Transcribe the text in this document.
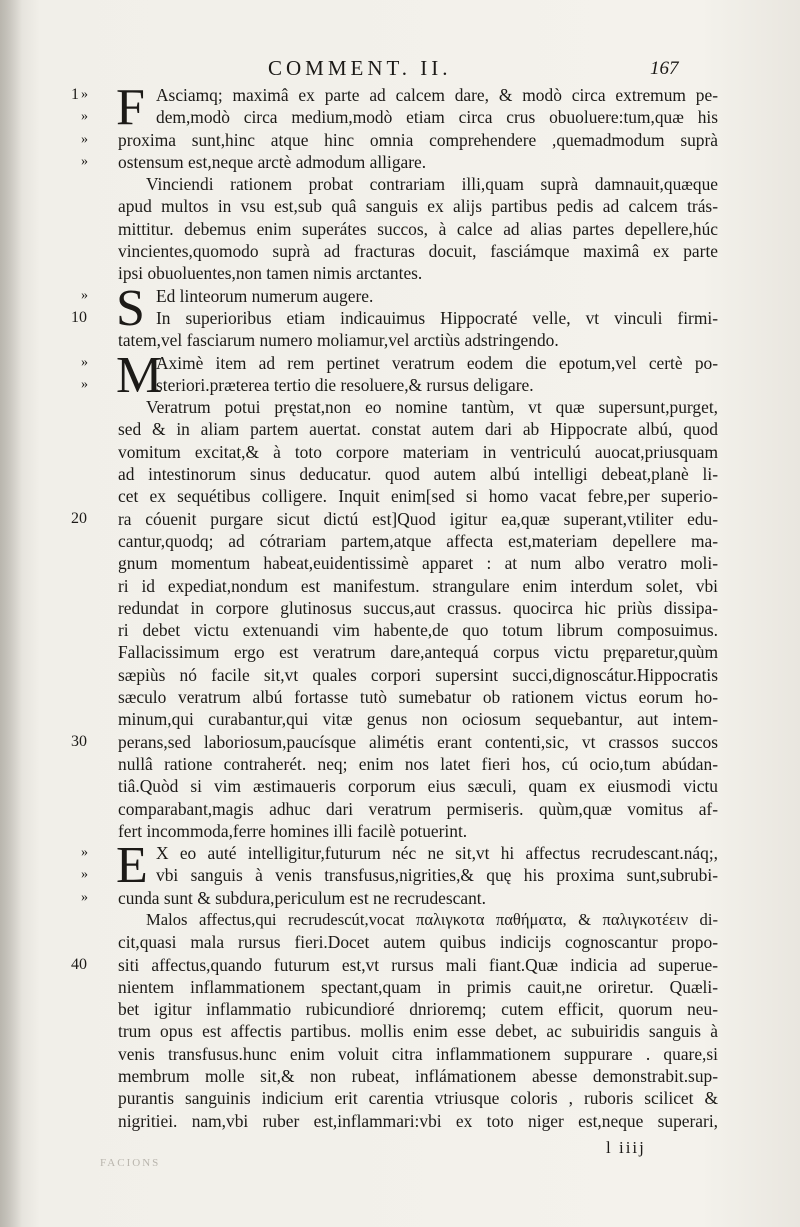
COMMENT. II.	167
1 » F Asciamq; maximâ ex parte ad calcem dare, & modò circa extremum pe-
»	dem,modò circa medium,modò etiam circa crus obuoluere:tum,quæ his
»	proxima sunt,hinc atque hinc omnia comprehendere ,quemadmodum suprà
»	ostensum est,neque arctè admodum alligare.
Vinciendi rationem probat contrariam illi,quam suprà damnauit,quæque
apud multos in vsu est,sub quâ sanguis ex alijs partibus pedis ad calcem trás-
mittitur. debemus enim superátes succos, à calce ad alias partes depellere,húc
vincientes,quomodo suprà ad fracturas docuit, fasciámque maximâ ex parte
ipsi obuoluentes,non tamen nimis arctantes.
» S Ed linteorum numerum augere.
10	In superioribus etiam indicauimus Hippocraté velle, vt vinculi firmi-
tatem,vel fasciarum numero moliamur,vel arctiùs adstringendo.
» M
Aximè item ad rem pertinet veratrum eodem die epotum,vel certè po-
»	steriori.præterea tertio die resoluere,& rursus deligare.
Veratrum potui pręstat,non eo nomine tantùm, vt quæ supersunt,purget,
sed & in aliam partem auertat. constat autem dari ab Hippocrate albú, quod
vomitum excitat,& à toto corpore materiam in ventriculú auocat,priusquam
ad intestinorum sinus deducatur. quod autem albú intelligi debeat,planè li-
cet ex sequétibus colligere. Inquit enim[sed si homo vacat febre,per superio-
20	ra cóuenit purgare sicut dictú est]Quod igitur ea,quæ superant,vtiliter edu-
cantur,quodq; ad cótrariam partem,atque affecta est,materiam depellere ma-
gnum momentum habeat,euidentissimè apparet : at num albo veratro moli-
ri id expediat,nondum est manifestum. strangulare enim interdum solet, vbi
redundat in corpore glutinosus succus,aut crassus. quocirca hic priùs dissipa-
ri debet victu extenuandi vim habente,de quo totum librum composuimus.
Fallacissimum ergo est veratrum dare,antequá corpus victu pręparetur,quùm
sæpiùs nó facile sit,vt quales corpori supersint succi,dignoscátur.Hippocratis
sæculo veratrum albú fortasse tutò sumebatur ob rationem victus eorum ho-
minum,qui curabantur,qui vitæ genus non ociosum sequebantur, aut intem-
30	perans,sed laboriosum,paucísque alimétis erant contenti,sic, vt crassos succos
nullâ ratione contraherét. neq; enim nos latet fieri hos, cú ocio,tum abúdan-
tiâ.Quòd si vim æstimaueris corporum eius sæculi, quam ex eiusmodi victu
comparabant,magis adhuc dari veratrum permiseris. quùm,quæ vomitus af-
fert incommoda,ferre homines illi facilè potuerint.
» E X eo auté intelligitur,futurum néc ne sit,vt hi affectus recrudescant.náq;,
»	vbi sanguis à venis transfusus,nigrities,& quę his proxima sunt,subrubi-
»	cunda sunt & subdura,periculum est ne recrudescant.
Malos affectus,qui recrudescút,vocat παλιγκοτα παθήματα, & παλιγκοτέειν di-
cit,quasi mala rursus fieri.Docet autem quibus indicijs cognoscantur propo-
40	siti affectus,quando futurum est,vt rursus mali fiant.Quæ indicia ad superue-
nientem inflammationem spectant,quam in primis cauit,ne oriretur. Quæli-
bet igitur inflammatio rubicundioré dnrioremq; cutem efficit, quorum neu-
trum opus est affectis partibus. mollis enim esse debet, ac subuiridis sanguis à
venis transfusus.hunc enim voluit citra inflammationem suppurare . quare,si
membrum molle sit,& non rubeat, inflámationem abesse demonstrabit.sup-
purantis sanguinis indicium erit carentia vtriusque coloris , ruboris scilicet &
nigritiei. nam,vbi ruber est,inflammari:vbi ex toto niger est,neque superari,
l iiij
FACIONS
